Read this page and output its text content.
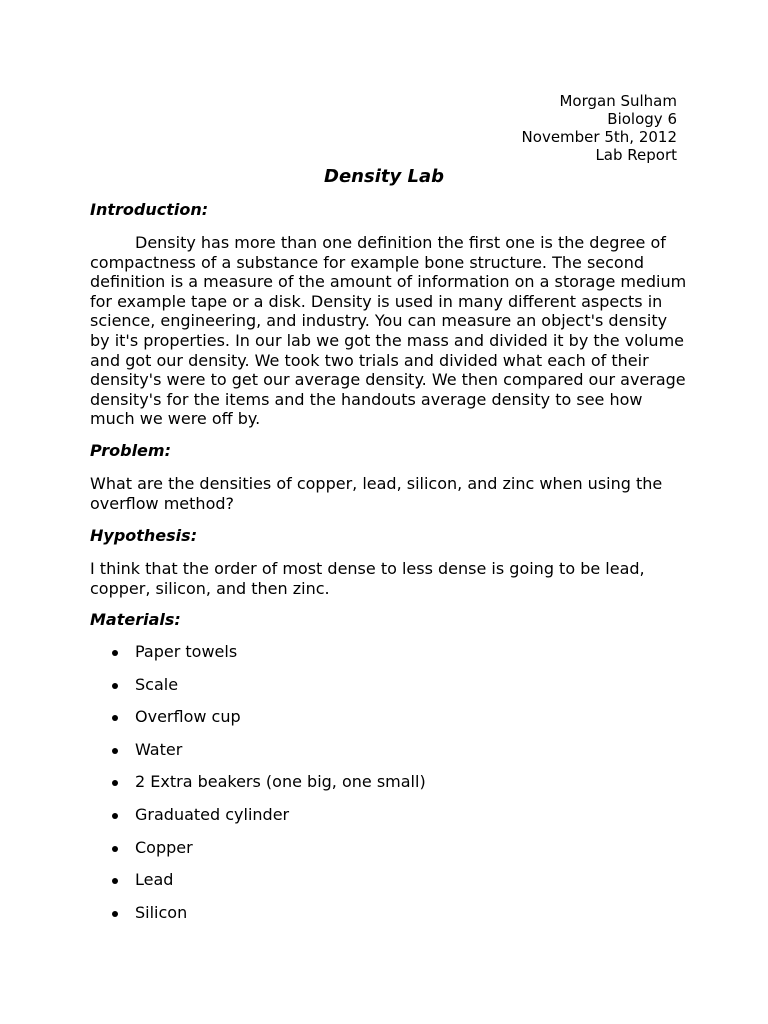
Morgan Sulham
Biology 6
November 5th, 2012
Lab Report
Density Lab
Introduction:

Density has more than one definition the first one is the degree of compactness of a substance for example bone structure. The second definition is a measure of the amount of information on a storage medium for example tape or a disk. Density is used in many different aspects in science, engineering, and industry. You can measure an object's density by it's properties. In our lab we got the mass and divided it by the volume and got our density. We took two trials and divided what each of their density's were to get our average density. We then compared our average density's for the items and the handouts average density to see how much we were off by.

Problem:

What are the densities of copper, lead, silicon, and zinc when using the overflow method?

Hypothesis:

I think that the order of most dense to less dense is going to be lead, copper, silicon, and then zinc.

Materials:
Paper towels
Scale
Overflow cup
Water
2 Extra beakers (one big, one small)
Graduated cylinder
Copper
Lead
Silicon
